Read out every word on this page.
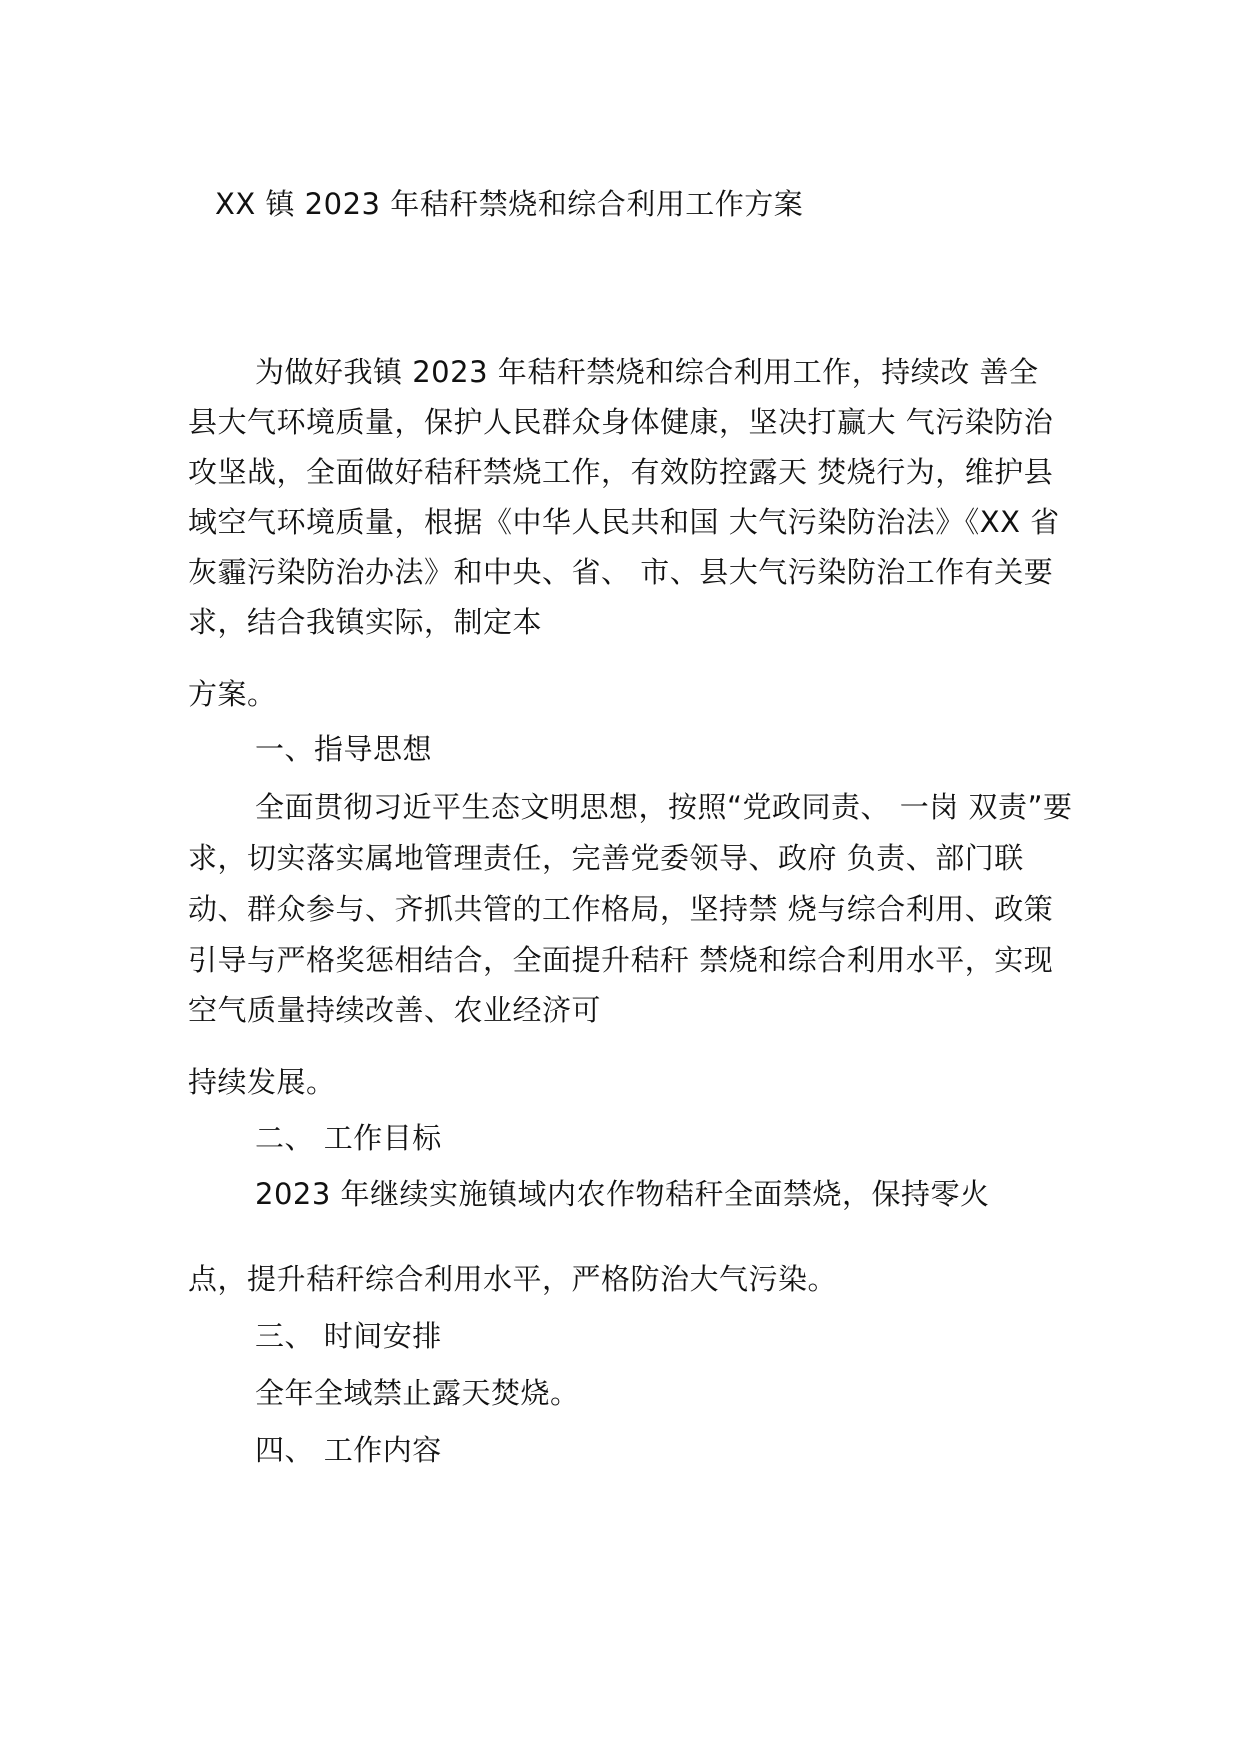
XX 镇 2023 年秸秆禁烧和综合利用工作方案
为做好我镇 2023 年秸秆禁烧和综合利用工作，持续改 善全
县大气环境质量，保护人民群众身体健康，坚决打赢大 气污染防治
攻坚战，全面做好秸秆禁烧工作，有效防控露天 焚烧行为，维护县
域空气环境质量，根据《中华人民共和国 大气污染防治法》《XX 省
灰霾污染防治办法》和中央、省、 市、县大气污染防治工作有关要
求，结合我镇实际，制定本
方案。
一、指导思想
全面贯彻习近平生态文明思想，按照“党政同责、 一岗 双责”要
求，切实落实属地管理责任，完善党委领导、政府 负责、部门联
动、群众参与、齐抓共管的工作格局，坚持禁 烧与综合利用、政策
引导与严格奖惩相结合，全面提升秸秆 禁烧和综合利用水平，实现
空气质量持续改善、农业经济可
持续发展。
二、 工作目标
2023 年继续实施镇域内农作物秸秆全面禁烧，保持零火
点，提升秸秆综合利用水平，严格防治大气污染。
三、 时间安排
全年全域禁止露天焚烧。
四、 工作内容
